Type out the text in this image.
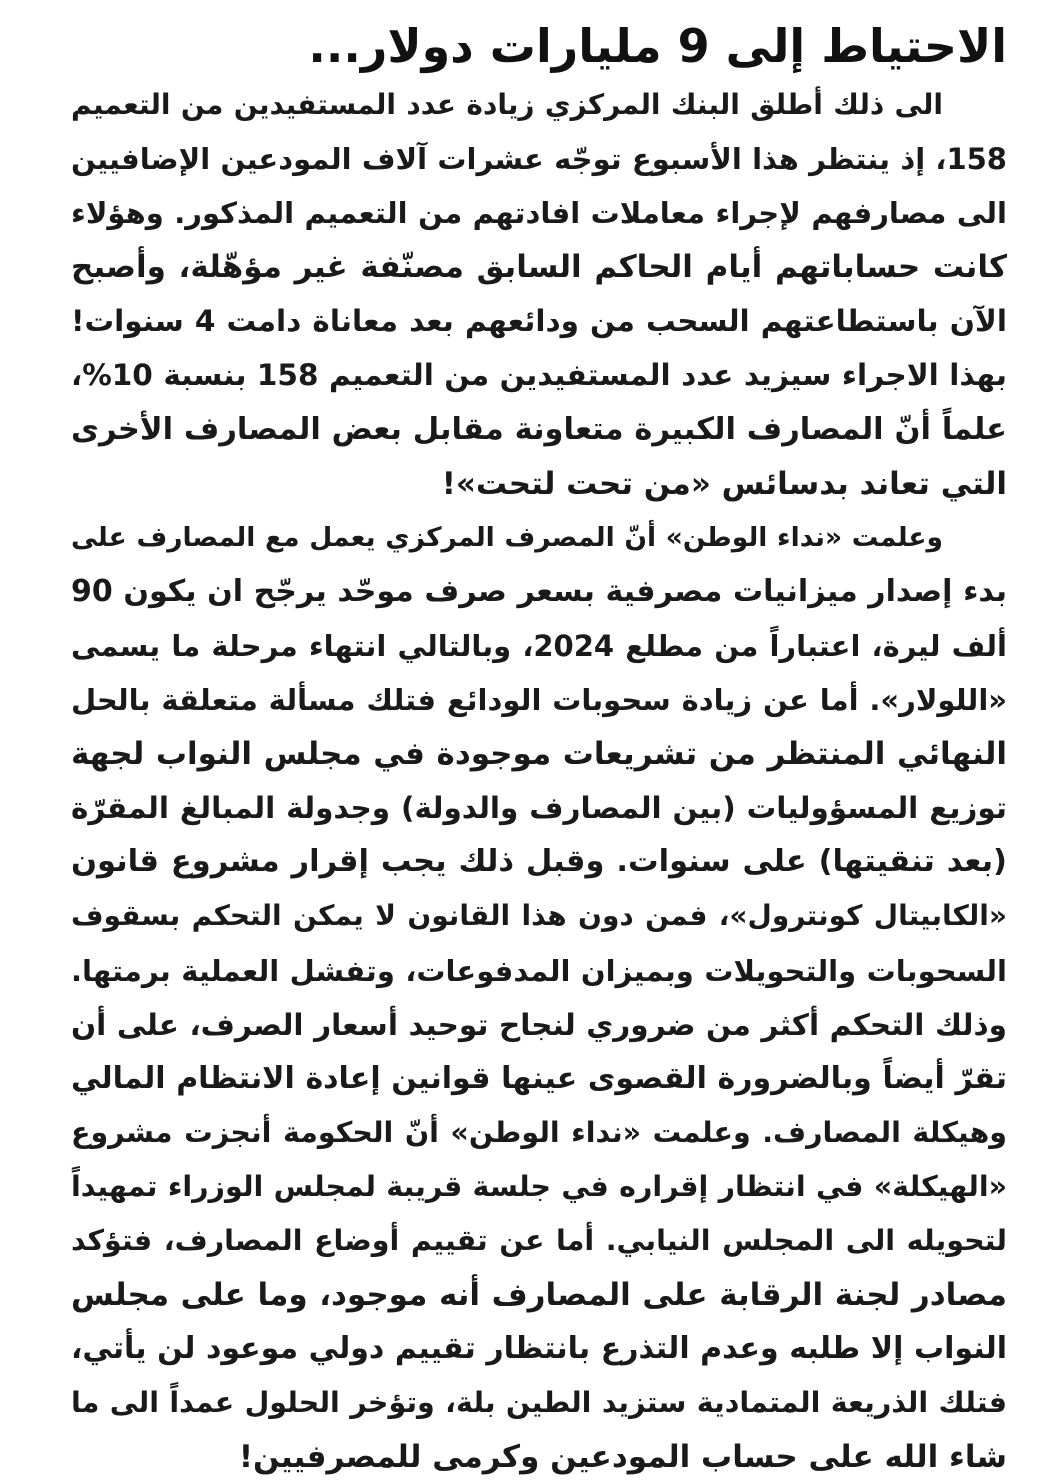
الاحتياط إلى 9 مليارات دولار...
الى ذلك أطلق البنك المركزي زيادة عدد المستفيدين من التعميم
158، إذ ينتظر هذا الأسبوع توجّه عشرات آلاف المودعين الإضافيين
الى مصارفهم لإجراء معاملات افادتهم من التعميم المذكور. وهؤلاء
كانت حساباتهم أيام الحاكم السابق مصنّفة غير مؤهّلة، وأصبح
الآن باستطاعتهم السحب من ودائعهم بعد معاناة دامت 4 سنوات!
بهذا الاجراء سيزيد عدد المستفيدين من التعميم 158 بنسبة 10%،
علماً أنّ المصارف الكبيرة متعاونة مقابل بعض المصارف الأخرى
التي تعاند بدسائس «من تحت لتحت»!
وعلمت «نداء الوطن» أنّ المصرف المركزي يعمل مع المصارف على
بدء إصدار ميزانيات مصرفية بسعر صرف موحّد يرجّح ان يكون 90
ألف ليرة، اعتباراً من مطلع 2024، وبالتالي انتهاء مرحلة ما يسمى
«اللولار». أما عن زيادة سحوبات الودائع فتلك مسألة متعلقة بالحل
النهائي المنتظر من تشريعات موجودة في مجلس النواب لجهة
توزيع المسؤوليات (بين المصارف والدولة) وجدولة المبالغ المقرّة
(بعد تنقيتها) على سنوات. وقبل ذلك يجب إقرار مشروع قانون
«الكابيتال كونترول»، فمن دون هذا القانون لا يمكن التحكم بسقوف
السحوبات والتحويلات وبميزان المدفوعات، وتفشل العملية برمتها.
وذلك التحكم أكثر من ضروري لنجاح توحيد أسعار الصرف، على أن
تقرّ أيضاً وبالضرورة القصوى عينها قوانين إعادة الانتظام المالي
وهيكلة المصارف. وعلمت «نداء الوطن» أنّ الحكومة أنجزت مشروع
«الهيكلة» في انتظار إقراره في جلسة قريبة لمجلس الوزراء تمهيداً
لتحويله الى المجلس النيابي. أما عن تقييم أوضاع المصارف، فتؤكد
مصادر لجنة الرقابة على المصارف أنه موجود، وما على مجلس
النواب إلا طلبه وعدم التذرع بانتظار تقييم دولي موعود لن يأتي،
فتلك الذريعة المتمادية ستزيد الطين بلة، وتؤخر الحلول عمداً الى ما
شاء الله على حساب المودعين وكرمى للمصرفيين!
